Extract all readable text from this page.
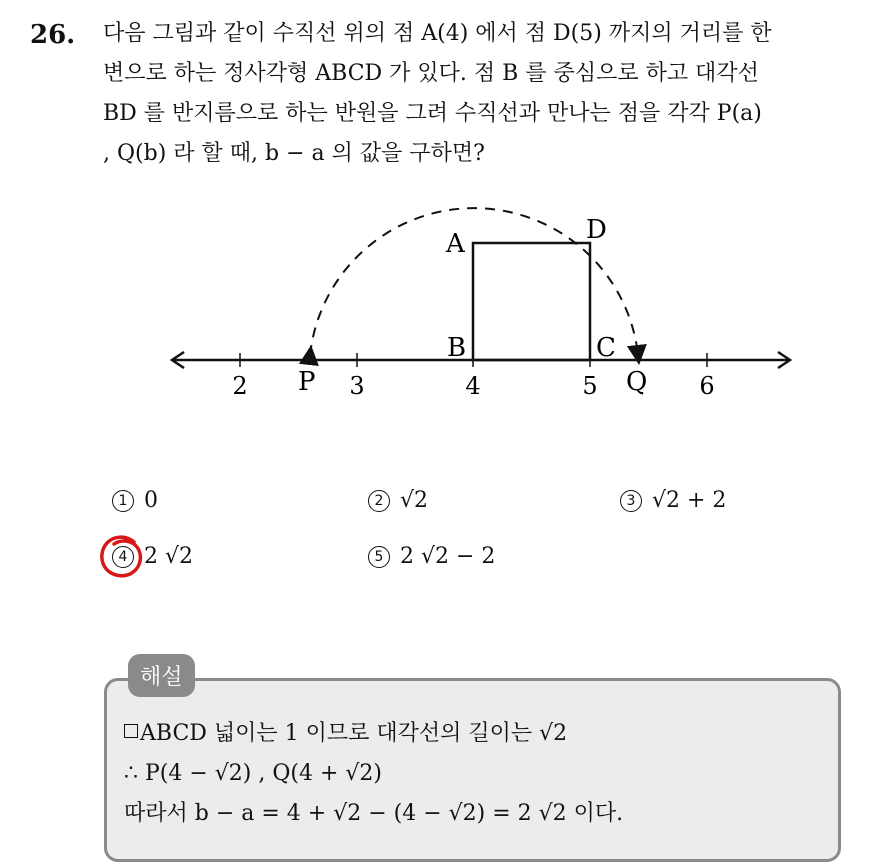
26. 다음 그림과 같이 수직선 위의 점 A(4) 에서 점 D(5) 까지의 거리를 한
변으로 하는 정사각형 ABCD 가 있다. 점 B 를 중심으로 하고 대각선
BD 를 반지름으로 하는 반원을 그려 수직선과 만나는 점을 각각 P(a)
, Q(b) 라 할 때, b − a 의 값을 구하면?
2	3	4	5	6
A	D
B	C
P	Q
1 0	2 √2	3 √2 + 2
4 2 √2	5 2 √2 − 2
해설
ABCD 넓이는 1 이므로 대각선의 길이는 √2
∴ P(4 − √2) , Q(4 + √2)
따라서 b − a = 4 + √2 − (4 − √2) = 2 √2 이다.
